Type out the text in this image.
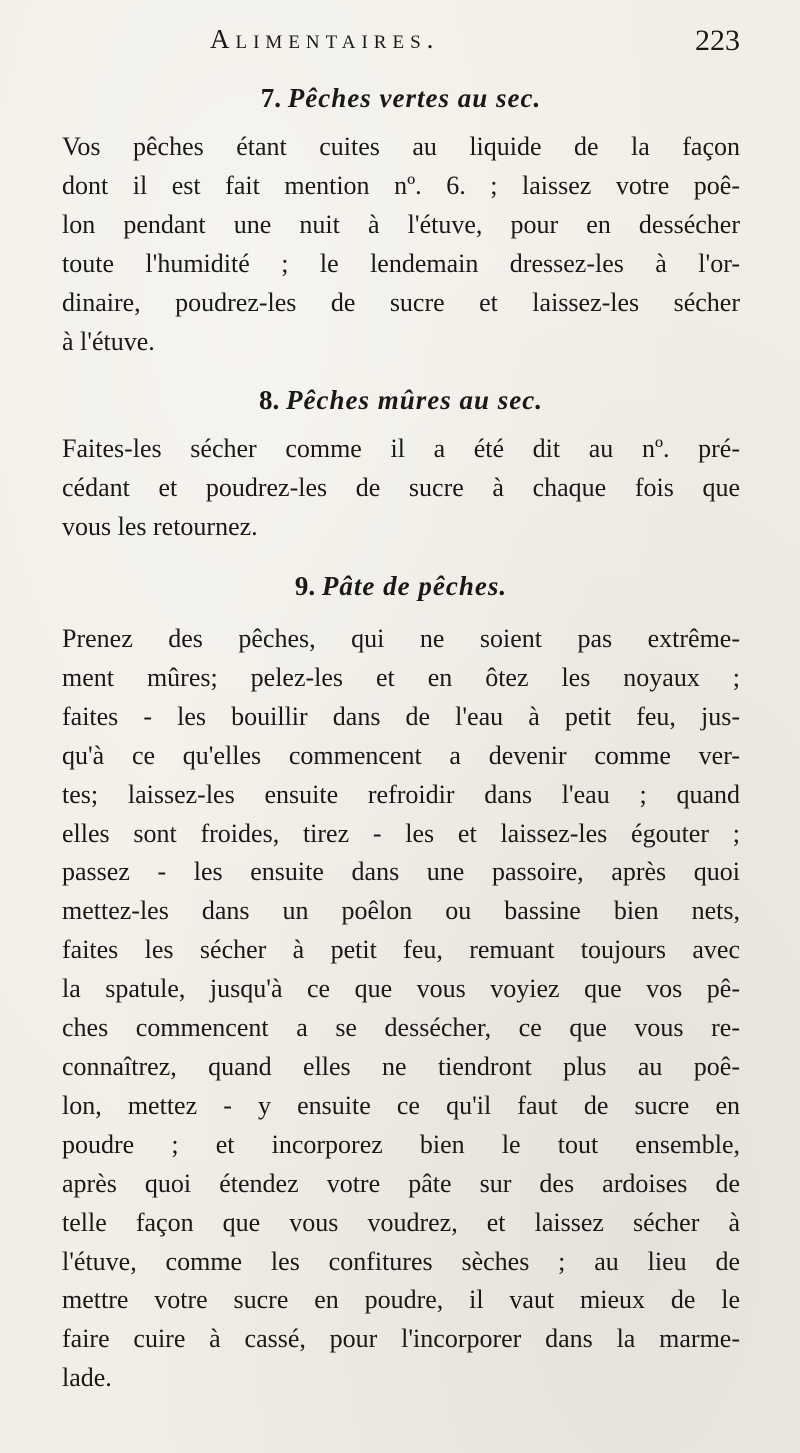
Alimentaires.	223
7. Pêches vertes au sec.

Vos pêches étant cuites au liquide de la façon
dont il est fait mention nº. 6. ; laissez votre poê-
lon pendant une nuit à l'étuve, pour en dessécher
toute l'humidité ; le lendemain dressez-les à l'or-
dinaire, poudrez-les de sucre et laissez-les sécher
à l'étuve.

8. Pêches mûres au sec.

Faites-les sécher comme il a été dit au nº. pré-
cédant et poudrez-les de sucre à chaque fois que
vous les retournez.

9. Pâte de pêches.

Prenez des pêches, qui ne soient pas extrême-
ment mûres; pelez-les et en ôtez les noyaux ;
faites - les bouillir dans de l'eau à petit feu, jus-
qu'à ce qu'elles commencent a devenir comme ver-
tes; laissez-les ensuite refroidir dans l'eau ; quand
elles sont froides, tirez - les et laissez-les égouter ;
passez - les ensuite dans une passoire, après quoi
mettez-les dans un poêlon ou bassine bien nets,
faites les sécher à petit feu, remuant toujours avec
la spatule, jusqu'à ce que vous voyiez que vos pê-
ches commencent a se dessécher, ce que vous re-
connaîtrez, quand elles ne tiendront plus au poê-
lon, mettez - y ensuite ce qu'il faut de sucre en
poudre ; et incorporez bien le tout ensemble,
après quoi étendez votre pâte sur des ardoises de
telle façon que vous voudrez, et laissez sécher à
l'étuve, comme les confitures sèches ; au lieu de
mettre votre sucre en poudre, il vaut mieux de le
faire cuire à cassé, pour l'incorporer dans la marme-
lade.
